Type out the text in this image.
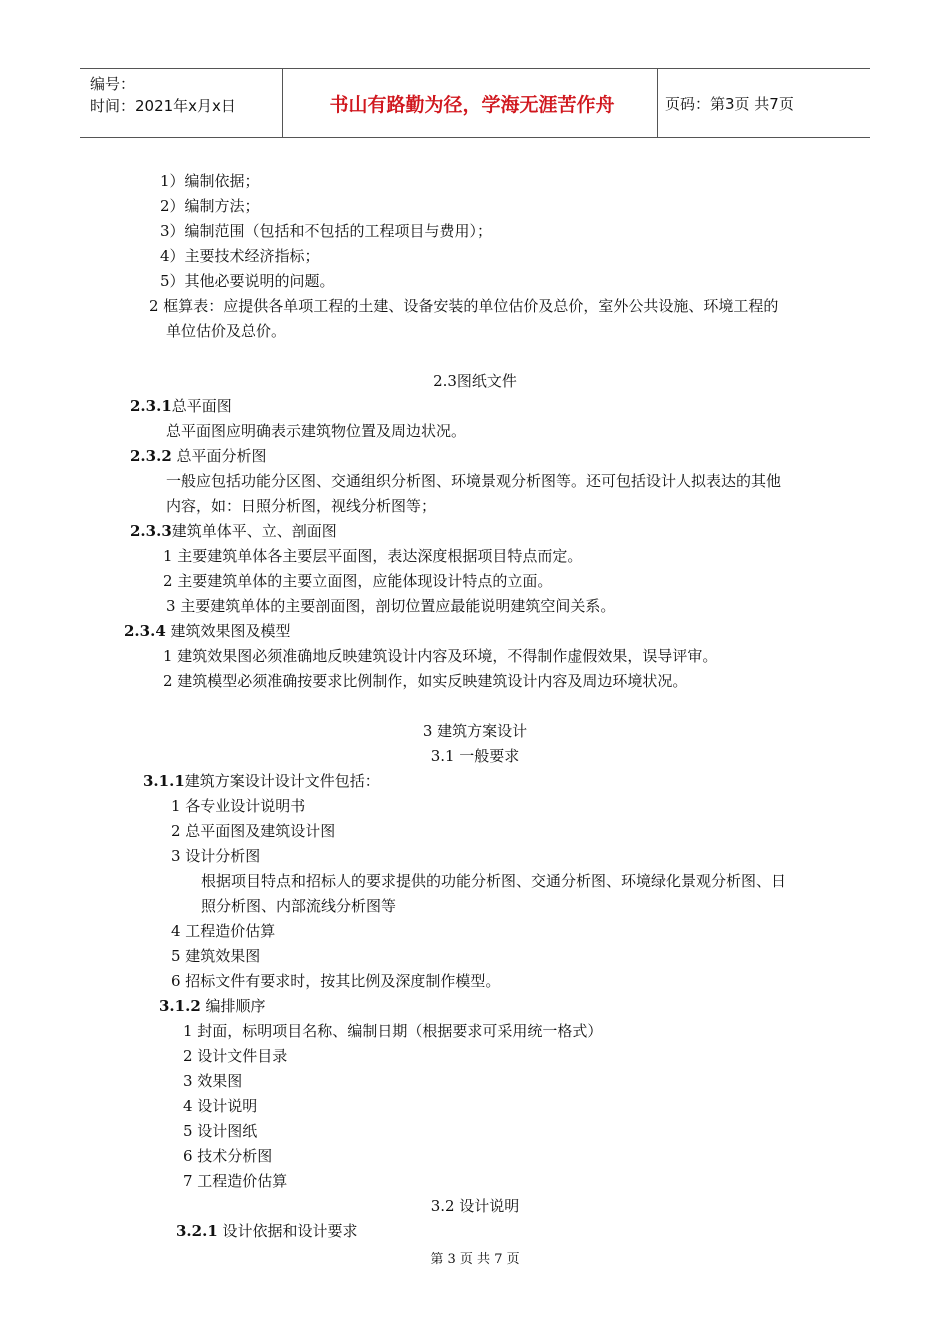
编号：
时间：2021年x月x日	书山有路勤为径，学海无涯苦作舟	页码：第3页 共7页
1）编制依据；
2）编制方法；
3）编制范围（包括和不包括的工程项目与费用）；
4）主要技术经济指标；
5）其他必要说明的问题。
2 框算表：应提供各单项工程的土建、设备安装的单位估价及总价，室外公共设施、环境工程的
单位估价及总价。
2.3图纸文件
2.3.1总平面图
总平面图应明确表示建筑物位置及周边状况。
2.3.2 总平面分析图
一般应包括功能分区图、交通组织分析图、环境景观分析图等。还可包括设计人拟表达的其他
内容，如：日照分析图，视线分析图等；
2.3.3建筑单体平、立、剖面图
1 主要建筑单体各主要层平面图，表达深度根据项目特点而定。
2 主要建筑单体的主要立面图，应能体现设计特点的立面。
3 主要建筑单体的主要剖面图，剖切位置应最能说明建筑空间关系。
2.3.4 建筑效果图及模型
1 建筑效果图必须准确地反映建筑设计内容及环境，不得制作虚假效果，误导评审。
2 建筑模型必须准确按要求比例制作，如实反映建筑设计内容及周边环境状况。
3 建筑方案设计
3.1 一般要求
3.1.1建筑方案设计设计文件包括：
1 各专业设计说明书
2 总平面图及建筑设计图
3 设计分析图
根据项目特点和招标人的要求提供的功能分析图、交通分析图、环境绿化景观分析图、日
照分析图、内部流线分析图等
4 工程造价估算
5 建筑效果图
6 招标文件有要求时，按其比例及深度制作模型。
3.1.2 编排顺序
1 封面，标明项目名称、编制日期（根据要求可采用统一格式）
2 设计文件目录
3 效果图
4 设计说明
5 设计图纸
6 技术分析图
7 工程造价估算
3.2 设计说明
3.2.1 设计依据和设计要求
第 3 页 共 7 页
